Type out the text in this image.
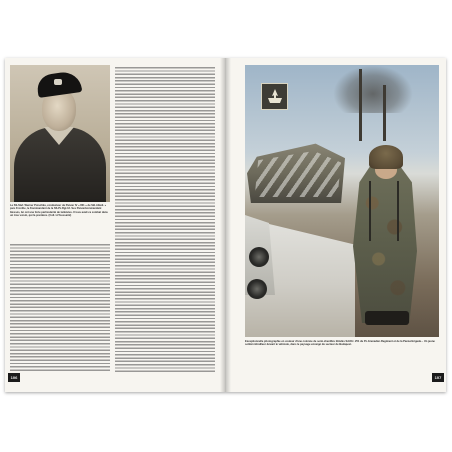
Le SS-Stuf. Werner Potschka, conducteur de Panzer IV « 801 » de Skl-Abteil. » puis Fronthe, le Kommandant de la SS-Pz.Rgt.12. Ses Panzerkommandant blessés, lui ont une forte particularité de tankistes. Il tous avait ce combat dans un trou voisin, qui la première. (Coll. H.Toussaint)
106
Exceptionnelle photographie en couleur d'une colonne de semi-chenillés blindés Sd.Kfz. 251 du Pz-Grenadier-Regiment et de la Panzerbrigade... Un jeune soldat mitrailleur devant le véhicule, dans le paysage enneigé du secteur de Budapest.
107
